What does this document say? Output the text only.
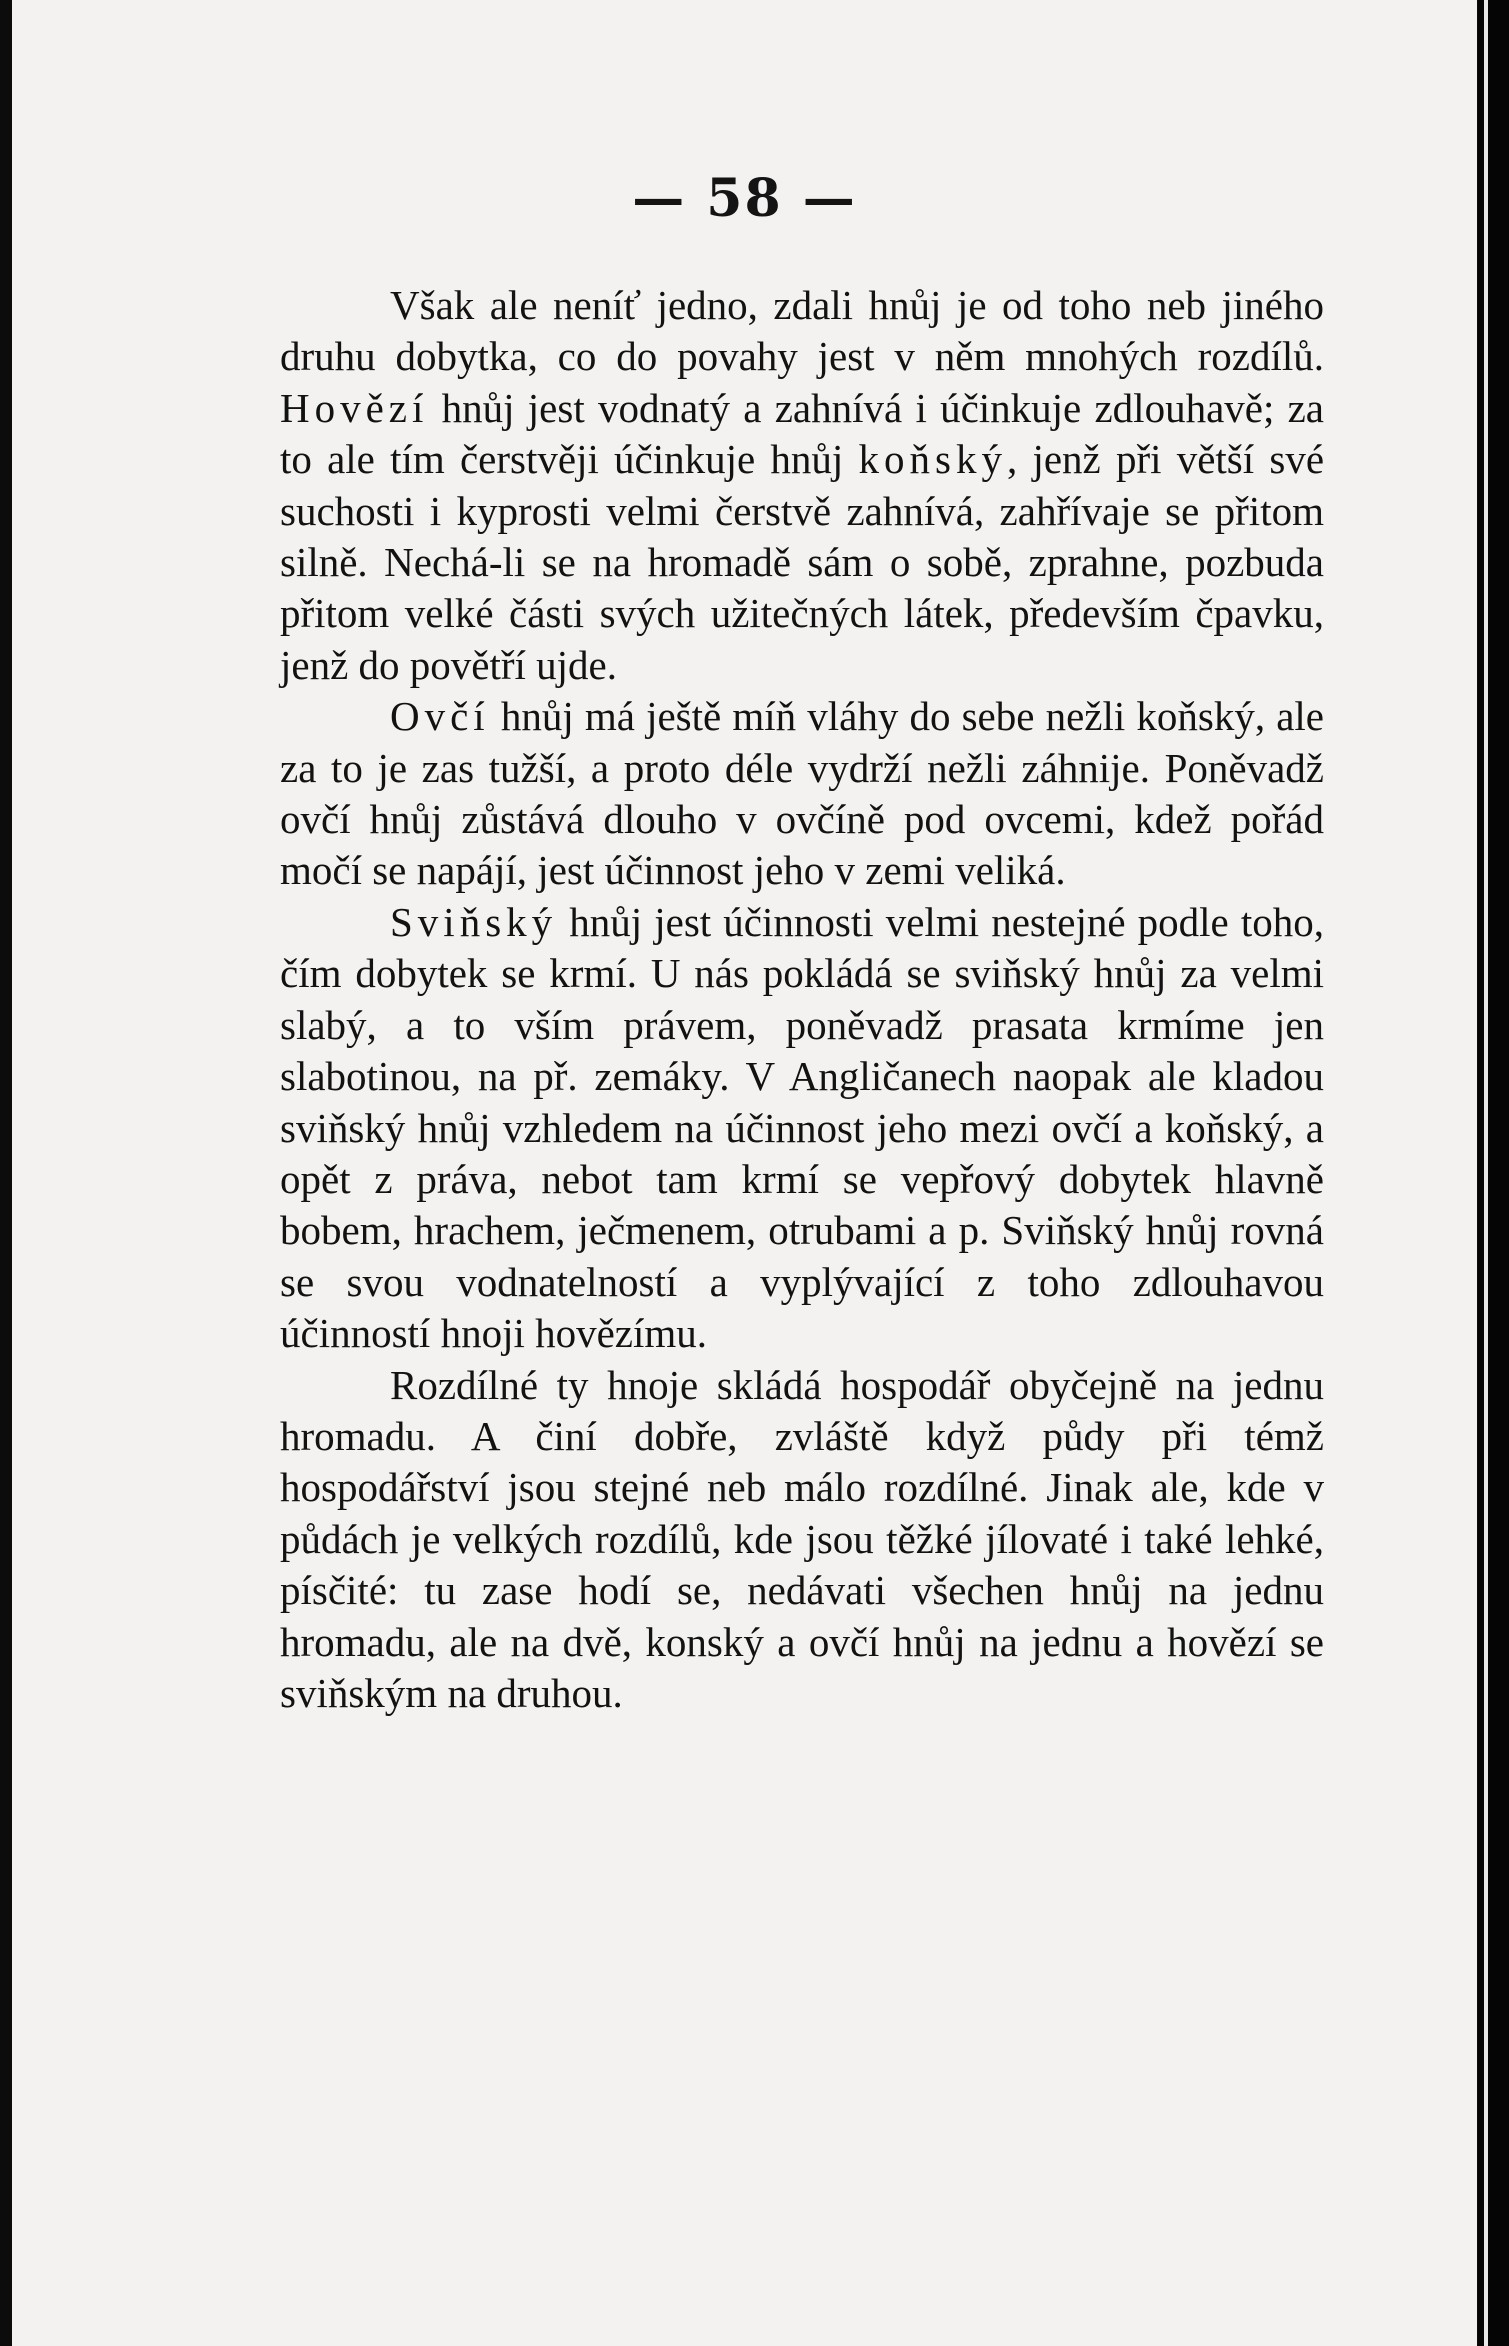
— 58 —

Však ale neníť jedno, zdali hnůj je od toho neb jiného druhu dobytka, co do povahy jest v něm mnohých rozdílů. Hovězí hnůj jest vodnatý a zahnívá i účinkuje zdlouhavě; za to ale tím čerstvěji účinkuje hnůj koňský, jenž při větší své suchosti i kyprosti velmi čerstvě zahnívá, zahřívaje se přitom silně. Nechá-li se na hromadě sám o sobě, zprahne, pozbuda přitom velké části svých užitečných látek, především čpavku, jenž do povětří ujde.

Ovčí hnůj má ještě míň vláhy do sebe nežli koňský, ale za to je zas tužší, a proto déle vydrží nežli záhnije. Poněvadž ovčí hnůj zůstává dlouho v ovčíně pod ovcemi, kdež pořád močí se napájí, jest účinnost jeho v zemi veliká.

Sviňský hnůj jest účinnosti velmi nestejné podle toho, čím dobytek se krmí. U nás pokládá se sviňský hnůj za velmi slabý, a to vším právem, poněvadž prasata krmíme jen slabotinou, na př. zemáky. V Angličanech naopak ale kladou sviňský hnůj vzhledem na účinnost jeho mezi ovčí a koňský, a opět z práva, nebot tam krmí se vepřový dobytek hlavně bobem, hrachem, ječmenem, otrubami a p. Sviňský hnůj rovná se svou vodnatelností a vyplývající z toho zdlouhavou účinností hnoji hovězímu.

Rozdílné ty hnoje skládá hospodář obyčejně na jednu hromadu. A činí dobře, zvláště když půdy při témž hospodářství jsou stejné neb málo rozdílné. Jinak ale, kde v půdách je velkých rozdílů, kde jsou těžké jílovaté i také lehké, písčité: tu zase hodí se, nedávati všechen hnůj na jednu hromadu, ale na dvě, konský a ovčí hnůj na jednu a hovězí se sviňským na druhou.
